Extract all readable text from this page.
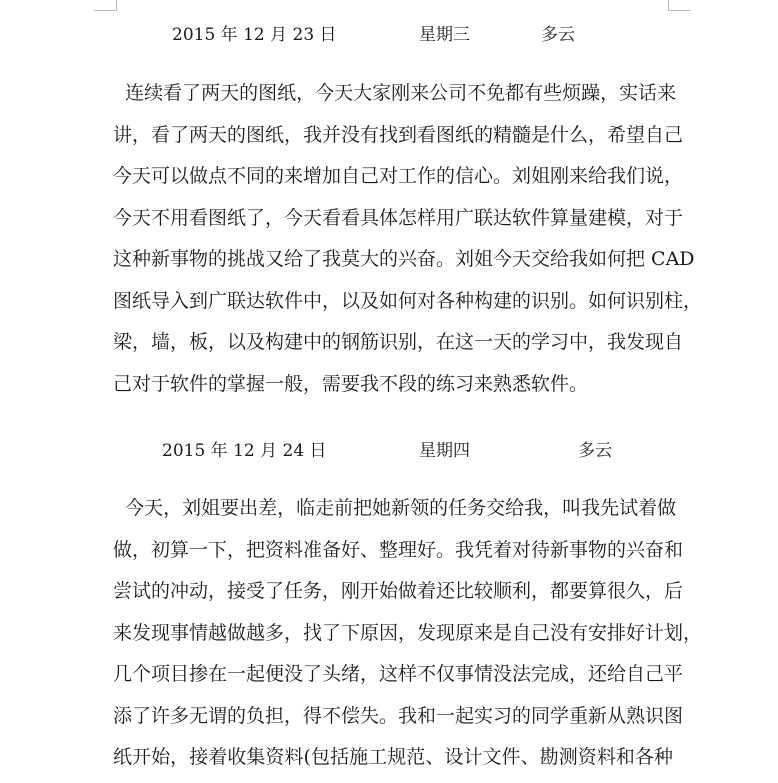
2015 年 12 月 23 日	星期三	多云
连续看了两天的图纸，今天大家刚来公司不免都有些烦躁，实话来
讲，看了两天的图纸，我并没有找到看图纸的精髓是什么，希望自己
今天可以做点不同的来增加自己对工作的信心。刘姐刚来给我们说，
今天不用看图纸了，今天看看具体怎样用广联达软件算量建模，对于
这种新事物的挑战又给了我莫大的兴奋。刘姐今天交给我如何把 CAD
图纸导入到广联达软件中，以及如何对各种构建的识别。如何识别柱，
梁，墙，板，以及构建中的钢筋识别，在这一天的学习中，我发现自
己对于软件的掌握一般，需要我不段的练习来熟悉软件。
2015 年 12 月 24 日	星期四	多云
今天，刘姐要出差，临走前把她新领的任务交给我，叫我先试着做
做，初算一下，把资料准备好、整理好。我凭着对待新事物的兴奋和
尝试的冲动，接受了任务，刚开始做着还比较顺利，都要算很久，后
来发现事情越做越多，找了下原因，发现原来是自己没有安排好计划，
几个项目掺在一起便没了头绪，这样不仅事情没法完成，还给自己平
添了许多无谓的负担，得不偿失。我和一起实习的同学重新从熟识图
纸开始，接着收集资料(包括施工规范、设计文件、勘测资料和各种
